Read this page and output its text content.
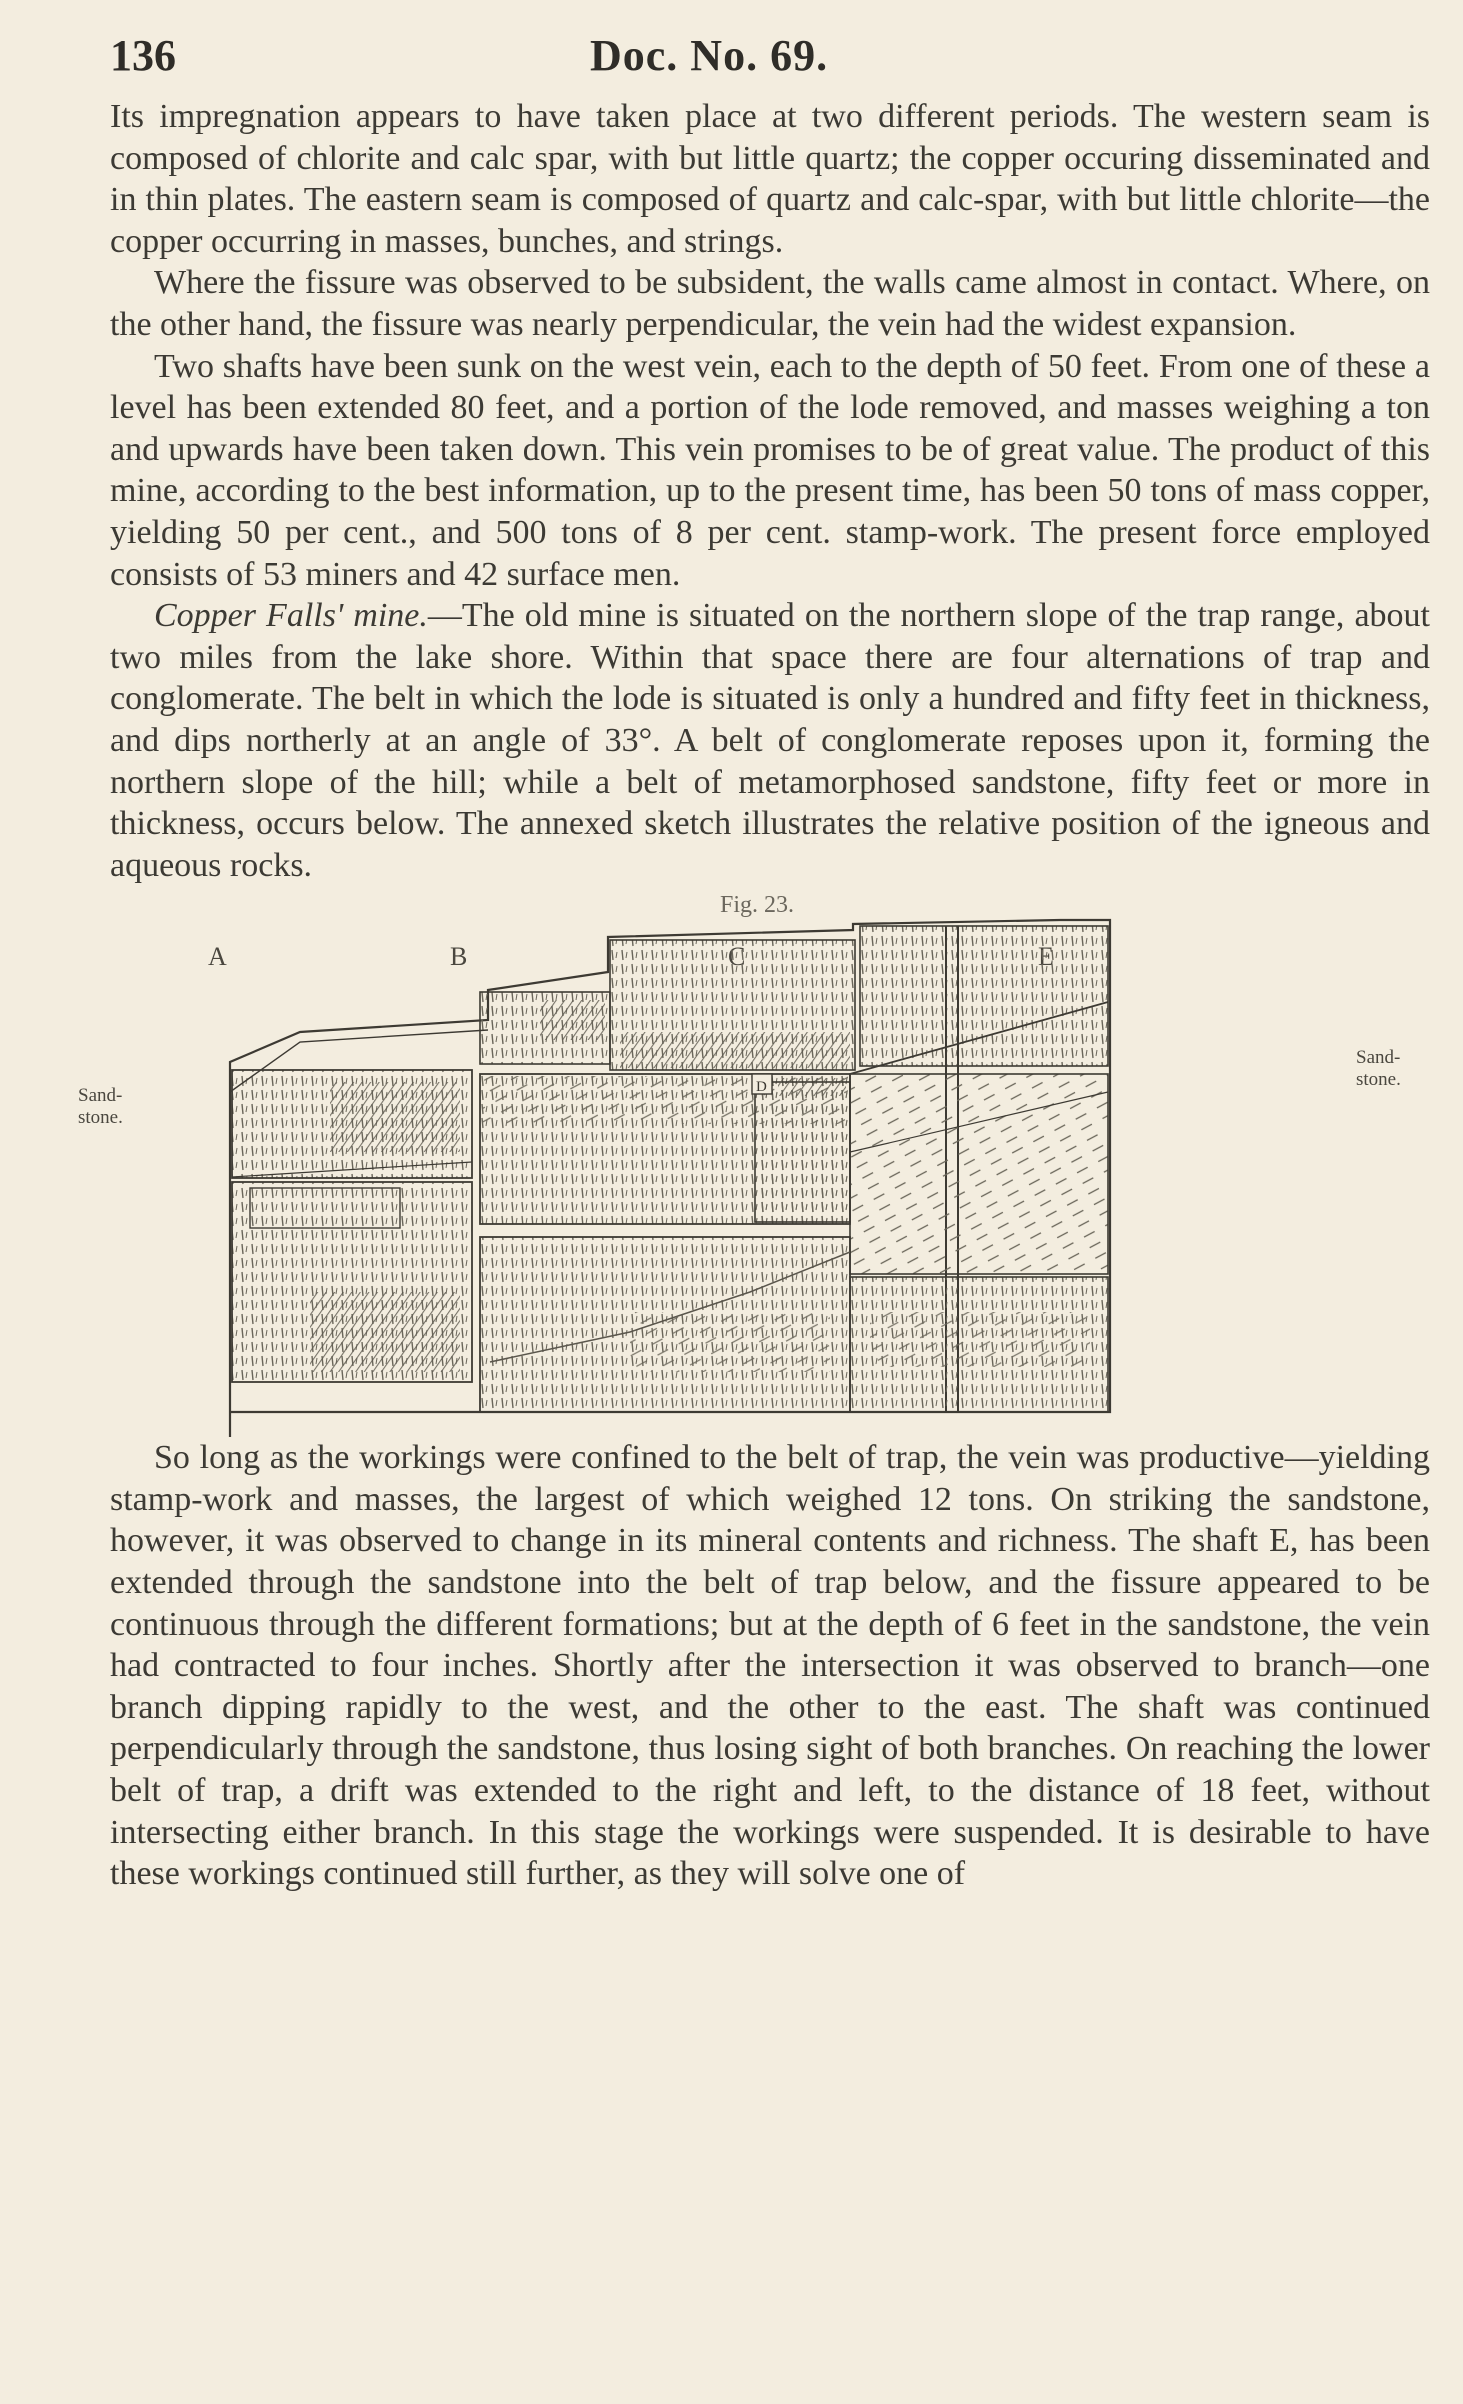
136	Doc. No. 69.

Its impregnation appears to have taken place at two different periods. The western seam is composed of chlorite and calc spar, with but little quartz; the copper occuring disseminated and in thin plates. The eastern seam is composed of quartz and calc-spar, with but little chlorite—the copper occurring in masses, bunches, and strings.

Where the fissure was observed to be subsident, the walls came almost in contact. Where, on the other hand, the fissure was nearly perpendicular, the vein had the widest expansion.

Two shafts have been sunk on the west vein, each to the depth of 50 feet. From one of these a level has been extended 80 feet, and a portion of the lode removed, and masses weighing a ton and upwards have been taken down. This vein promises to be of great value. The product of this mine, according to the best information, up to the present time, has been 50 tons of mass copper, yielding 50 per cent., and 500 tons of 8 per cent. stamp-work. The present force employed consists of 53 miners and 42 surface men.

Copper Falls' mine.—The old mine is situated on the northern slope of the trap range, about two miles from the lake shore. Within that space there are four alternations of trap and conglomerate. The belt in which the lode is situated is only a hundred and fifty feet in thickness, and dips northerly at an angle of 33°. A belt of conglomerate reposes upon it, forming the northern slope of the hill; while a belt of metamorphosed sandstone, fifty feet or more in thickness, occurs below. The annexed sketch illustrates the relative position of the igneous and aqueous rocks.

Fig. 23.
A	B
Sand-
stone.
Sand-
stone.
D

So long as the workings were confined to the belt of trap, the vein was productive—yielding stamp-work and masses, the largest of which weighed 12 tons. On striking the sandstone, however, it was observed to change in its mineral contents and richness. The shaft E, has been extended through the sandstone into the belt of trap below, and the fissure appeared to be continuous through the different formations; but at the depth of 6 feet in the sandstone, the vein had contracted to four inches. Shortly after the intersection it was observed to branch—one branch dipping rapidly to the west, and the other to the east. The shaft was continued perpendicularly through the sandstone, thus losing sight of both branches. On reaching the lower belt of trap, a drift was extended to the right and left, to the distance of 18 feet, without intersecting either branch. In this stage the workings were suspended. It is desirable to have these workings continued still further, as they will solve one of
